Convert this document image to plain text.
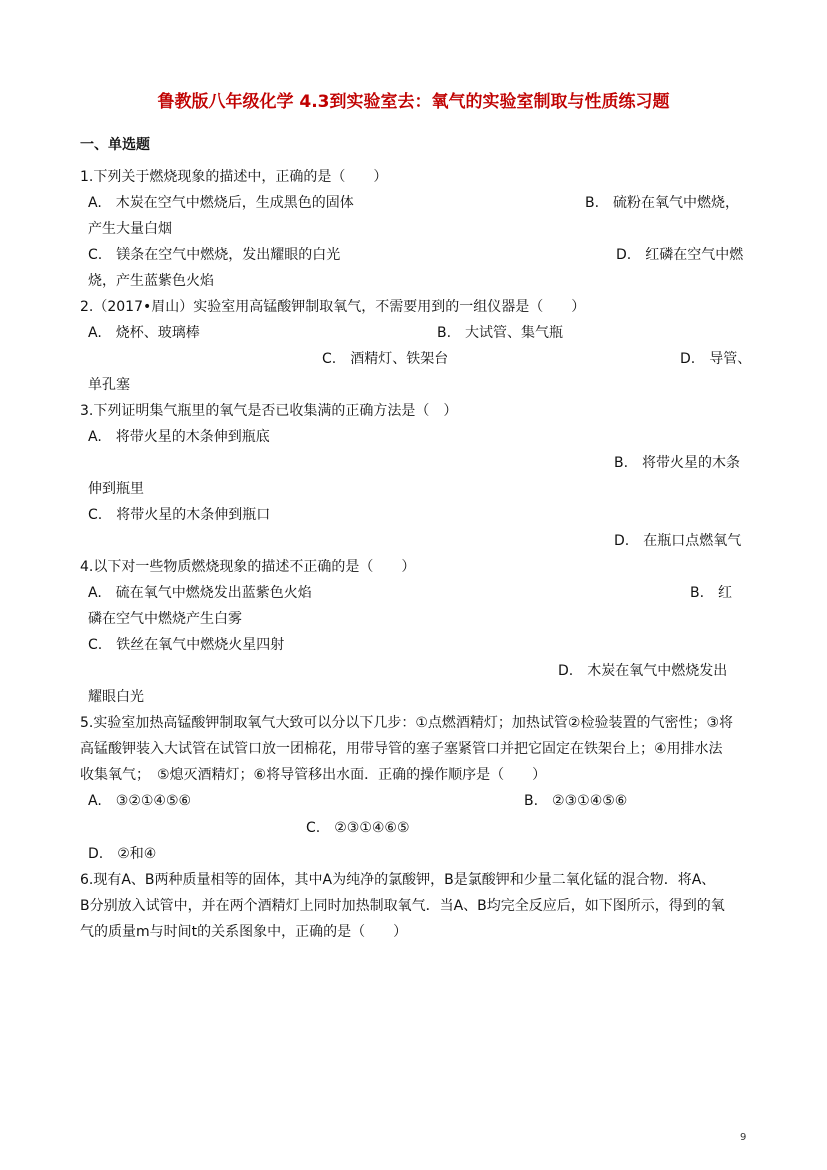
鲁教版八年级化学 4.3到实验室去：氧气的实验室制取与性质练习题
一、单选题
1.下列关于燃烧现象的描述中，正确的是（　　）
A.　木炭在空气中燃烧后，生成黑色的固体	B.　硫粉在氧气中燃烧，
产生大量白烟
C.　镁条在空气中燃烧，发出耀眼的白光	D.　红磷在空气中燃
烧，产生蓝紫色火焰
2.（2017•眉山）实验室用高锰酸钾制取氧气，不需要用到的一组仪器是（　　）
A.　烧杯、玻璃棒	B.　大试管、集气瓶
C.　酒精灯、铁架台	D.　导管、
单孔塞
3.下列证明集气瓶里的氧气是否已收集满的正确方法是（　）
A.　将带火星的木条伸到瓶底
B.　将带火星的木条
伸到瓶里
C.　将带火星的木条伸到瓶口
D.　在瓶口点燃氧气
4.以下对一些物质燃烧现象的描述不正确的是（　　）
A.　硫在氧气中燃烧发出蓝紫色火焰	B.　红
磷在空气中燃烧产生白雾
C.　铁丝在氧气中燃烧火星四射
D.　木炭在氧气中燃烧发出
耀眼白光
5.实验室加热高锰酸钾制取氧气大致可以分以下几步：①点燃酒精灯；加热试管②检验装置的气密性；③将
高锰酸钾装入大试管在试管口放一团棉花，用带导管的塞子塞紧管口并把它固定在铁架台上；④用排水法
收集氧气；　⑤熄灭酒精灯；⑥将导管移出水面．正确的操作顺序是（　　）
A.　③②①④⑤⑥	B.　②③①④⑤⑥
C.　②③①④⑥⑤
D.　②和④
6.现有A、B两种质量相等的固体，其中A为纯净的氯酸钾，B是氯酸钾和少量二氧化锰的混合物．将A、
B分别放入试管中，并在两个酒精灯上同时加热制取氧气．当A、B均完全反应后，如下图所示，得到的氧
气的质量m与时间t的关系图象中，正确的是（　　）
9
